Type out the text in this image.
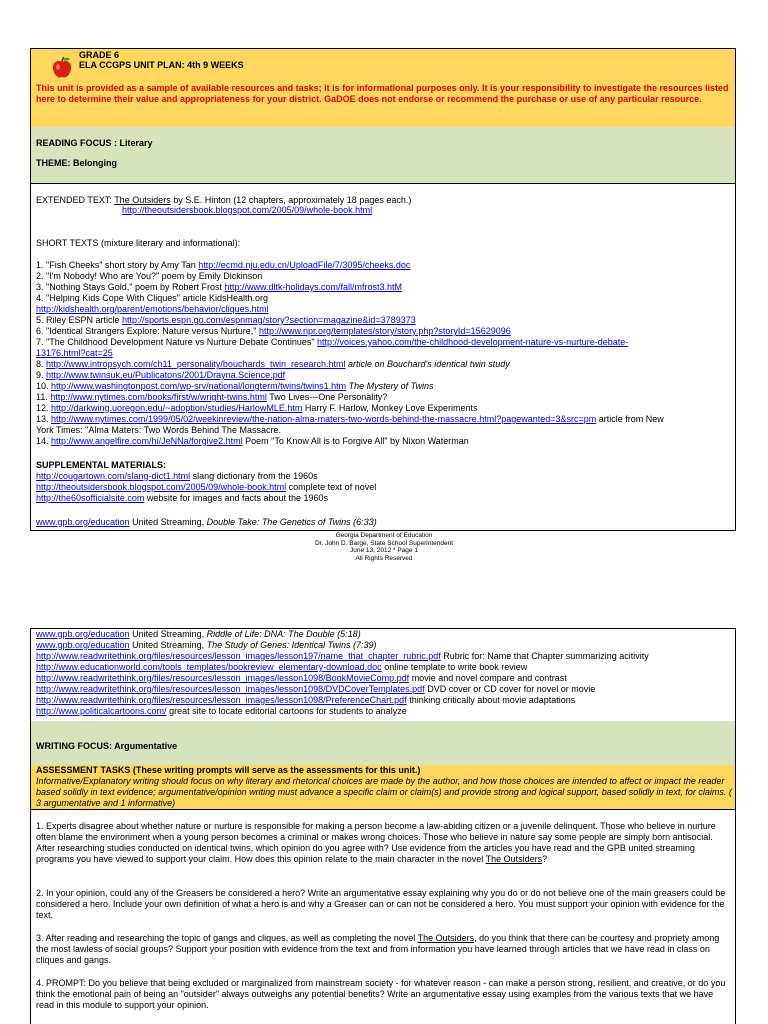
GRADE 6
ELA CCGPS UNIT PLAN: 4th 9 WEEKS
This unit is provided as a sample of available resources and tasks; it is for informational purposes only. It is your responsibility to investigate the resources listed here to determine their value and appropriateness for your district. GaDOE does not endorse or recommend the purchase or use of any particular resource.
READING FOCUS : Literary
THEME: Belonging
EXTENDED TEXT: The Outsiders by S.E. Hinton (12 chapters, approximately 18 pages each.)
http://theoutsidersbook.blogspot.com/2005/09/whole-book.html
SHORT TEXTS (mixture literary and informational):
1. "Fish Cheeks" short story by Amy Tan http://ecmd.nju.edu.cn/UploadFile/7/3095/cheeks.doc
2. "I'm Nobody! Who are You?" poem by Emily Dickinson
3. "Nothing Stays Gold," poem by Robert Frost http://www.dltk-holidays.com/fall/mfrost3.htM
4. "Helping Kids Cope With Cliques" article KidsHealth.org
http://kidshealth.org/parent/emotions/behavior/cliques.html
5. Riley ESPN article http://sports.espn.go.com/espnmag/story?section=magazine&id=3789373
6. "Identical Strangers Explore: Nature versus Nurture," http://www.npr.org/templates/story/story.php?storyId=15629096
7. "The Childhood Development Nature vs Nurture Debate Continues" http://voices.yahoo.com/the-childhood-development-nature-vs-nurture-debate-
13176.html?cat=25
8. http://www.intropsych.com/ch11_personality/bouchards_twin_research.html article on Bouchard's identical twin study
9. http://www.twinsuk.eu/Publicatons/2001/Drayna.Science.pdf
10. http://www.washingtonpost.com/wp-srv/national/longterm/twins/twins1.htm The Mystery of Twins
11. http://www.nytimes.com/books/first/w/wright-twins.html Two Lives---One Personality?
12. http://darkwing.uoregon.edu/~adoption/studies/HarlowMLE.htm Harry F. Harlow, Monkey Love Experiments
13. http://www.nytimes.com/1999/05/02/weekinreview/the-nation-alma-maters-two-words-behind-the-massacre.html?pagewanted=3&src=pm article from New
York Times: "Alma Maters: Two Words Behind The Massacre.
14. http://www.angelfire.com/hi/JeNNa/forgive2.html Poem "To Know All is to Forgive All" by Nixon Waterman
SUPPLEMENTAL MATERIALS:
http://cougartown.com/slang-dict1.html slang dictionary from the 1960s
http://theoutsidersbook.blogspot.com/2005/09/whole-book.html complete text of novel
http://the60sofficialsite.com website for images and facts about the 1960s
www.gpb.org/education United Streaming, Double Take: The Genetics of Twins (6:33)
Georgia Department of Education
Dr. John D. Barge, State School Superintendent
June 13, 2012 * Page 1
All Rights Reserved
www.gpb.org/education United Streaming, Riddle of Life: DNA: The Double (5:18)
www.gpb.org/education United Streaming, The Study of Genes: Identical Twins (7:39)
http://www.readwritethink.org/files/resources/lesson_images/lesson197/name_that_chapter_rubric.pdf Rubric for: Name that Chapter summarizing acitivity
http://www.educationworld.com/tools_templates/bookreview_elementary-download.doc online template to write book review
http://www.readwritethink.org/files/resources/lesson_images/lesson1098/BookMovieComp.pdf movie and novel compare and contrast
http://www.readwritethink.org/files/resources/lesson_images/lesson1098/DVDCoverTemplates.pdf DVD cover or CD cover for novel or movie
http://www.readwritethink.org/files/resources/lesson_images/lesson1098/PreferenceChart.pdf thinking critically about movie adaptations
http://www.politicalcartoons.com/ great site to locate editorial cartoons for students to analyze
WRITING FOCUS: Argumentative
ASSESSMENT TASKS (These writing prompts will serve as the assessments for this unit.)
Informative/Explanatory writing should focus on why literary and rhetorical choices are made by the author, and how those choices are intended to affect or impact the reader based solidly in text evidence; argumentative/opinion writing must advance a specific claim or claim(s) and provide strong and logical support, based solidly in text, for claims. ( 3 argumentative and 1 informative)
1. Experts disagree about whether nature or nurture is responsible for making a person become a law-abiding citizen or a juvenile delinquent. Those who believe in nurture often blame the environment when a young person becomes a criminal or makes wrong choices. Those who believe in nature say some people are simply born antisocial. After researching studies conducted on identical twins, which opinion do you agree with? Use evidence from the articles you have read and the GPB united streaming programs you have viewed to support your claim. How does this opinion relate to the main character in the novel The Outsiders?
2. In your opinion, could any of the Greasers be considered a hero? Write an argumentative essay explaining why you do or do not believe one of the main greasers could be considered a hero. Include your own definition of what a hero is and why a Greaser can or can not be considered a hero. You must support your opinion with evidence for the text.
3. After reading and researching the topic of gangs and cliques, as well as completing the novel The Outsiders, do you think that there can be courtesy and propriety among the most lawless of social groups? Support your position with evidence from the text and from information you have learned through articles that we have read in class on cliques and gangs.
4. PROMPT: Do you believe that being excluded or marginalized from mainstream society - for whatever reason - can make a person strong, resilient, and creative, or do you think the emotional pain of being an "outsider" always outweighs any potential benefits? Write an argumentative essay using examples from the various texts that we have read in this module to support your opinion.
